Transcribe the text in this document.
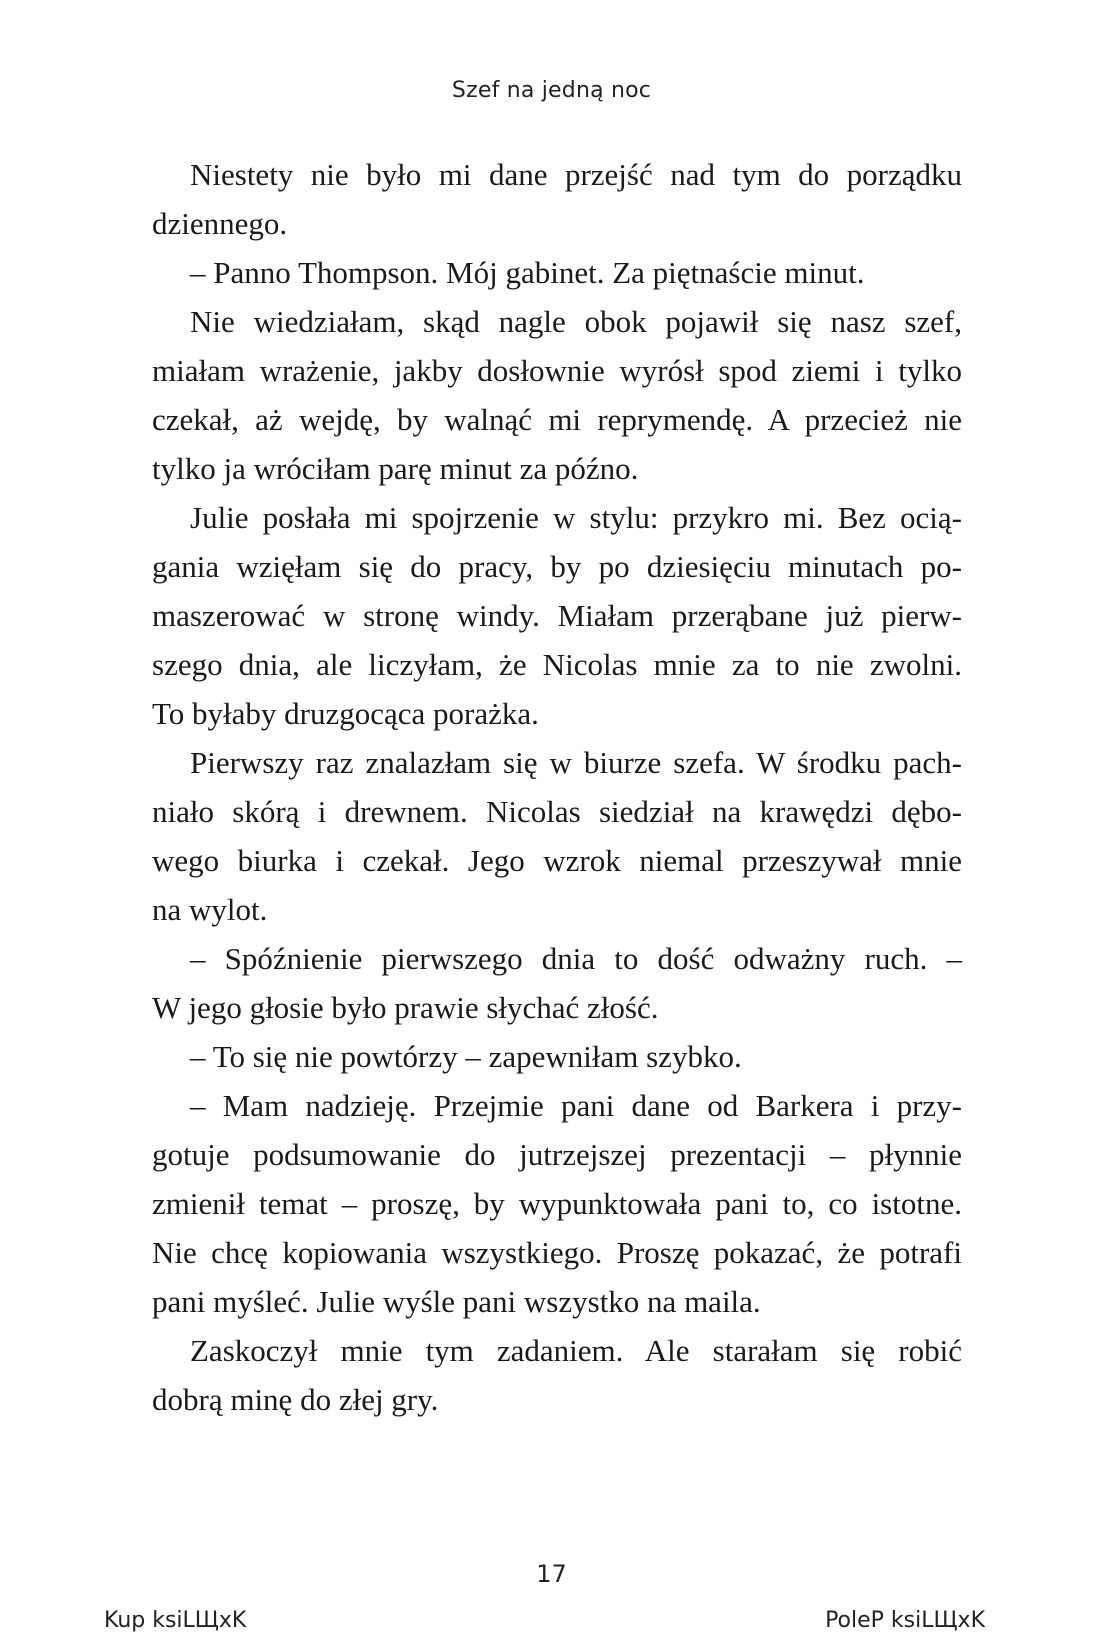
Szef na jedną noc

Niestety nie było mi dane przejść nad tym do porządku
dziennego.

– Panno Thompson. Mój gabinet. Za piętnaście minut.

Nie wiedziałam, skąd nagle obok pojawił się nasz szef,
miałam wrażenie, jakby dosłownie wyrósł spod ziemi i tylko
czekał, aż wejdę, by walnąć mi reprymendę. A przecież nie
tylko ja wróciłam parę minut za późno.

Julie posłała mi spojrzenie w stylu: przykro mi. Bez ocią-
gania wzięłam się do pracy, by po dziesięciu minutach po-
maszerować w stronę windy. Miałam przerąbane już pierw-
szego dnia, ale liczyłam, że Nicolas mnie za to nie zwolni.
To byłaby druzgocąca porażka.

Pierwszy raz znalazłam się w biurze szefa. W środku pach-
niało skórą i drewnem. Nicolas siedział na krawędzi dębo-
wego biurka i czekał. Jego wzrok niemal przeszywał mnie
na wylot.

– Spóźnienie pierwszego dnia to dość odważny ruch. –
W jego głosie było prawie słychać złość.

– To się nie powtórzy – zapewniłam szybko.

– Mam nadzieję. Przejmie pani dane od Barkera i przy-
gotuje podsumowanie do jutrzejszej prezentacji – płynnie
zmienił temat – proszę, by wypunktowała pani to, co istotne.
Nie chcę kopiowania wszystkiego. Proszę pokazać, że potrafi
pani myśleć. Julie wyśle pani wszystko na maila.

Zaskoczył mnie tym zadaniem. Ale starałam się robić
dobrą minę do złej gry.

17
Kup ksiLЩxK	PoleP ksiLЩxK
